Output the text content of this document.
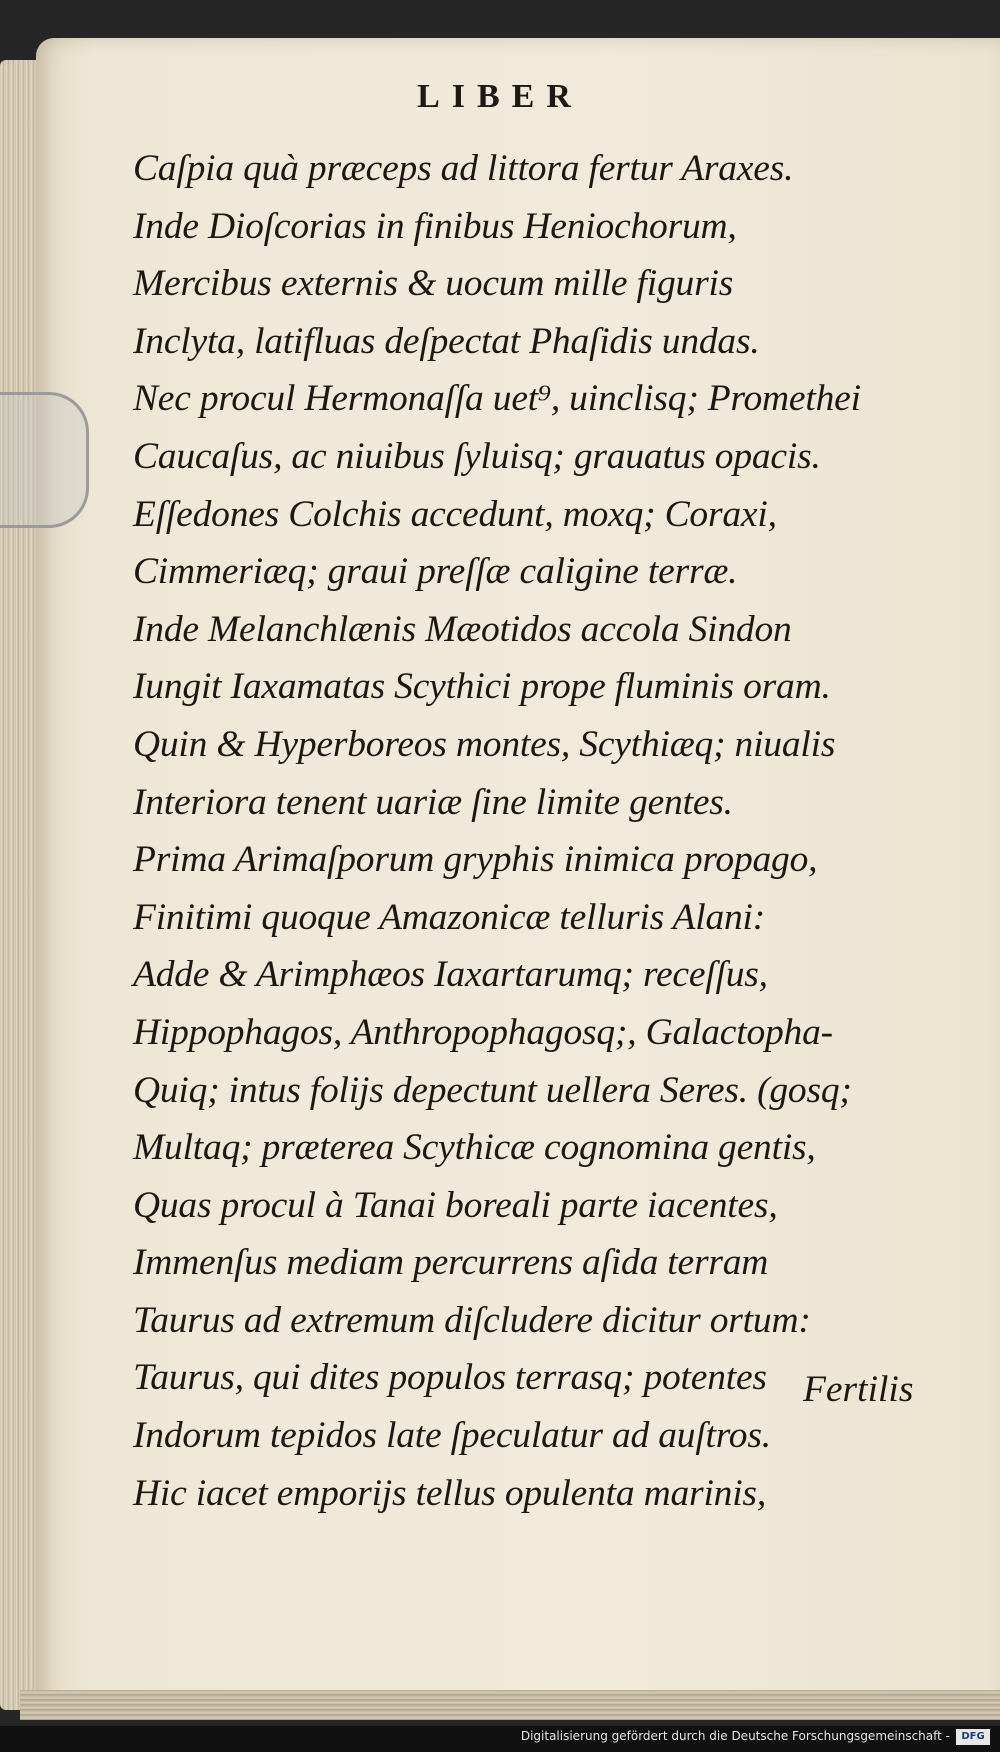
LIBER
Caſpia quà præceps ad littora fertur Araxes.
Inde Dioſcorias in finibus Heniochorum,
Mercibus externis & uocum mille figuris
Inclyta, latifluas deſpectat Phaſidis undas.
Nec procul Hermonaſſa uet⁹, uinclisq; Promethei
Caucaſus, ac niuibus ſyluisq; grauatus opacis.
Eſſedones Colchis accedunt, moxq; Coraxi,
Cimmeriæq; graui preſſæ caligine terræ.
Inde Melanchlænis Mæotidos accola Sindon
Iungit Iaxamatas Scythici prope fluminis oram.
Quin & Hyperboreos montes, Scythiæq; niualis
Interiora tenent uariæ ſine limite gentes.
Prima Arimaſporum gryphis inimica propago,
Finitimi quoque Amazonicæ telluris Alani:
Adde & Arimphæos Iaxartarumq; receſſus,
Hippophagos, Anthropophagosq;, Galactopha-
Quiq; intus folijs depectunt uellera Seres. (gosq;
Multaq; præterea Scythicæ cognomina gentis,
Quas procul à Tanai boreali parte iacentes,
Immenſus mediam percurrens aſida terram
Taurus ad extremum diſcludere dicitur ortum:
Taurus, qui dites populos terrasq; potentes
Indorum tepidos late ſpeculatur ad auſtros.
Hic iacet emporijs tellus opulenta marinis,
Fertilis
Digitalisierung gefördert durch die Deutsche Forschungsgemeinschaft -	DFG
